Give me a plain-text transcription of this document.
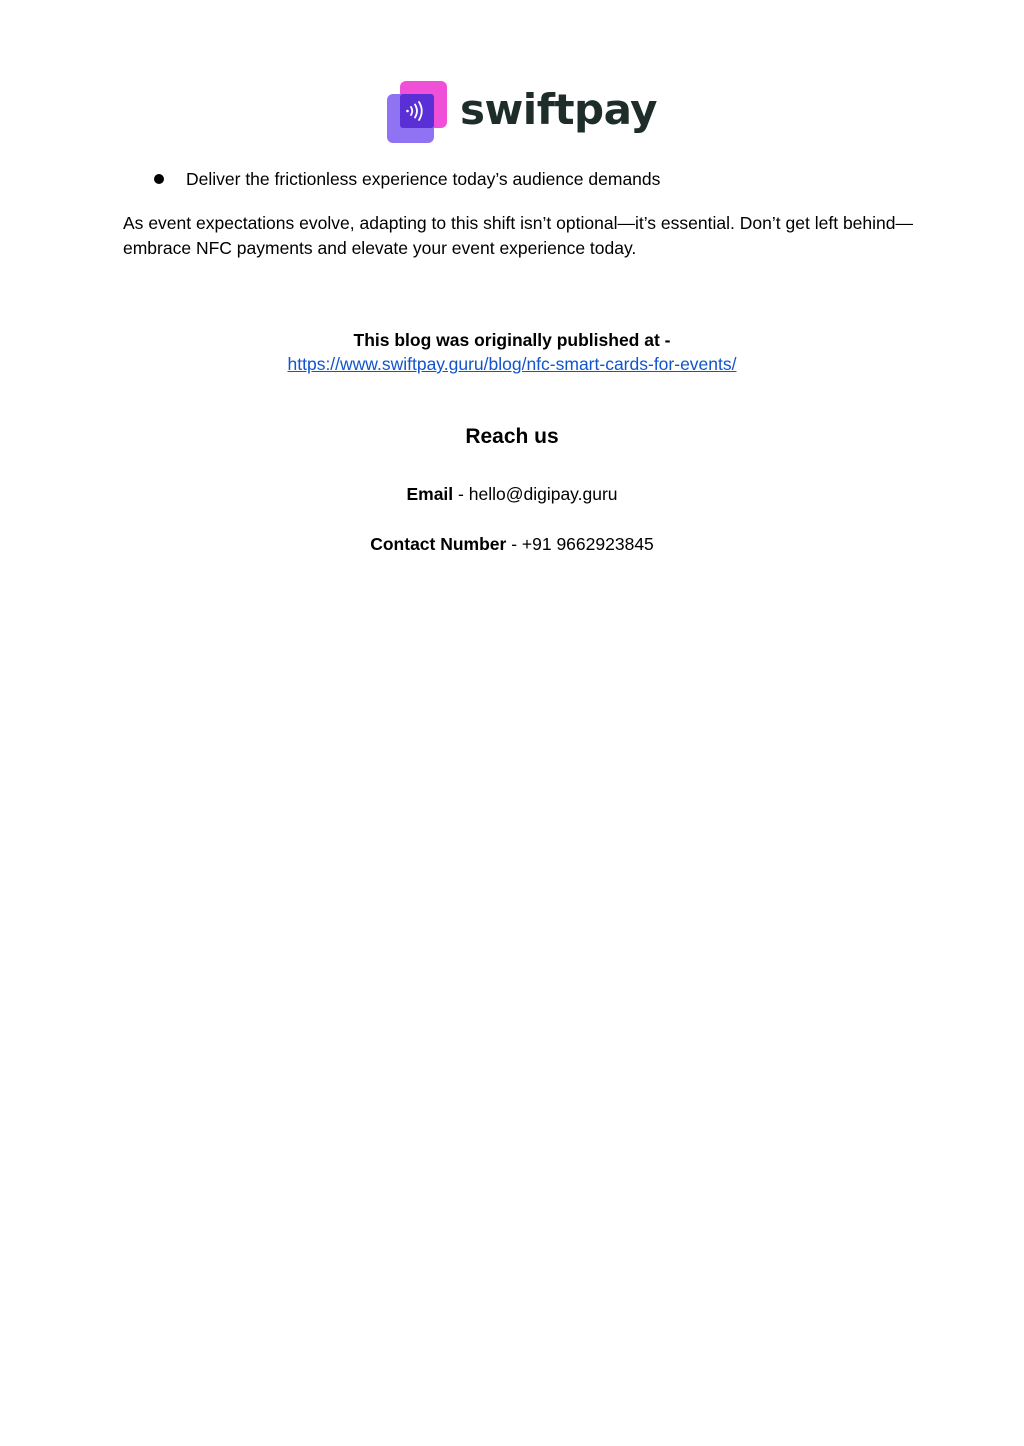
swiftpay
Deliver the frictionless experience today’s audience demands

As event expectations evolve, adapting to this shift isn’t optional—it’s essential. Don’t get left behind—embrace NFC payments and elevate your event experience today.

This blog was originally published at -
https://www.swiftpay.guru/blog/nfc-smart-cards-for-events/
Reach us
Email - hello@digipay.guru
Contact Number - +91 9662923845
